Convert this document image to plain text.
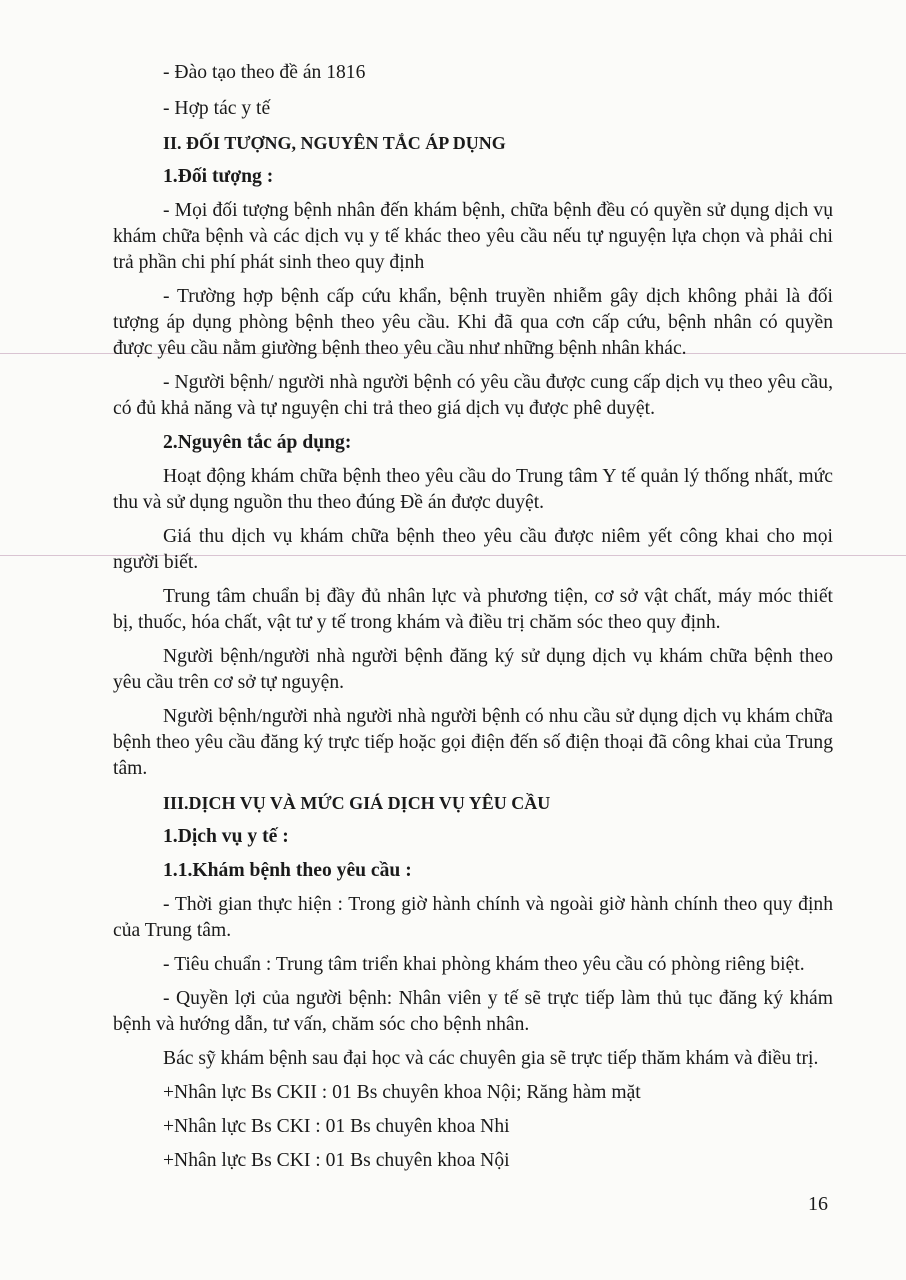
- Đào tạo theo đề án 1816

- Hợp tác y tế

II. ĐỐI TƯỢNG, NGUYÊN TẮC ÁP DỤNG

1.Đối tượng :

- Mọi đối tượng bệnh nhân đến khám bệnh, chữa bệnh đều có quyền sử dụng dịch vụ khám chữa bệnh và các dịch vụ y tế khác theo yêu cầu nếu tự nguyện lựa chọn và phải chi trả phần chi phí phát sinh theo quy định

- Trường hợp bệnh cấp cứu khẩn, bệnh truyền nhiễm gây dịch không phải là đối tượng áp dụng phòng bệnh theo yêu cầu. Khi đã qua cơn cấp cứu, bệnh nhân có quyền được yêu cầu nằm giường bệnh theo yêu cầu như những bệnh nhân khác.

- Người bệnh/ người nhà người bệnh có yêu cầu được cung cấp dịch vụ theo yêu cầu, có đủ khả năng và tự nguyện chi trả theo giá dịch vụ được phê duyệt.

2.Nguyên tắc áp dụng:

Hoạt động khám chữa bệnh theo yêu cầu do Trung tâm Y tế quản lý thống nhất, mức thu và sử dụng nguồn thu theo đúng Đề án được duyệt.

Giá thu dịch vụ khám chữa bệnh theo yêu cầu được niêm yết công khai cho mọi người biết.

Trung tâm chuẩn bị đầy đủ nhân lực và phương tiện, cơ sở vật chất, máy móc thiết bị, thuốc, hóa chất, vật tư y tế trong khám và điều trị chăm sóc theo quy định.

Người bệnh/người nhà người bệnh đăng ký sử dụng dịch vụ khám chữa bệnh theo yêu cầu trên cơ sở tự nguyện.

Người bệnh/người nhà người nhà người bệnh có nhu cầu sử dụng dịch vụ khám chữa bệnh theo yêu cầu đăng ký trực tiếp hoặc gọi điện đến số điện thoại đã công khai của Trung tâm.

III.DỊCH VỤ VÀ MỨC GIÁ DỊCH VỤ YÊU CẦU

1.Dịch vụ y tế :

1.1.Khám bệnh theo yêu cầu :

- Thời gian thực hiện : Trong giờ hành chính và ngoài giờ hành chính theo quy định của Trung tâm.

- Tiêu chuẩn : Trung tâm triển khai phòng khám theo yêu cầu có phòng riêng biệt.

- Quyền lợi của người bệnh: Nhân viên y tế sẽ trực tiếp làm thủ tục đăng ký khám bệnh và hướng dẫn, tư vấn, chăm sóc cho bệnh nhân.

Bác sỹ khám bệnh sau đại học và các chuyên gia sẽ trực tiếp thăm khám và điều trị.

+Nhân lực Bs CKII : 01 Bs chuyên khoa Nội; Răng hàm mặt

+Nhân lực Bs CKI : 01 Bs chuyên khoa Nhi

+Nhân lực Bs CKI : 01 Bs chuyên khoa Nội

16
